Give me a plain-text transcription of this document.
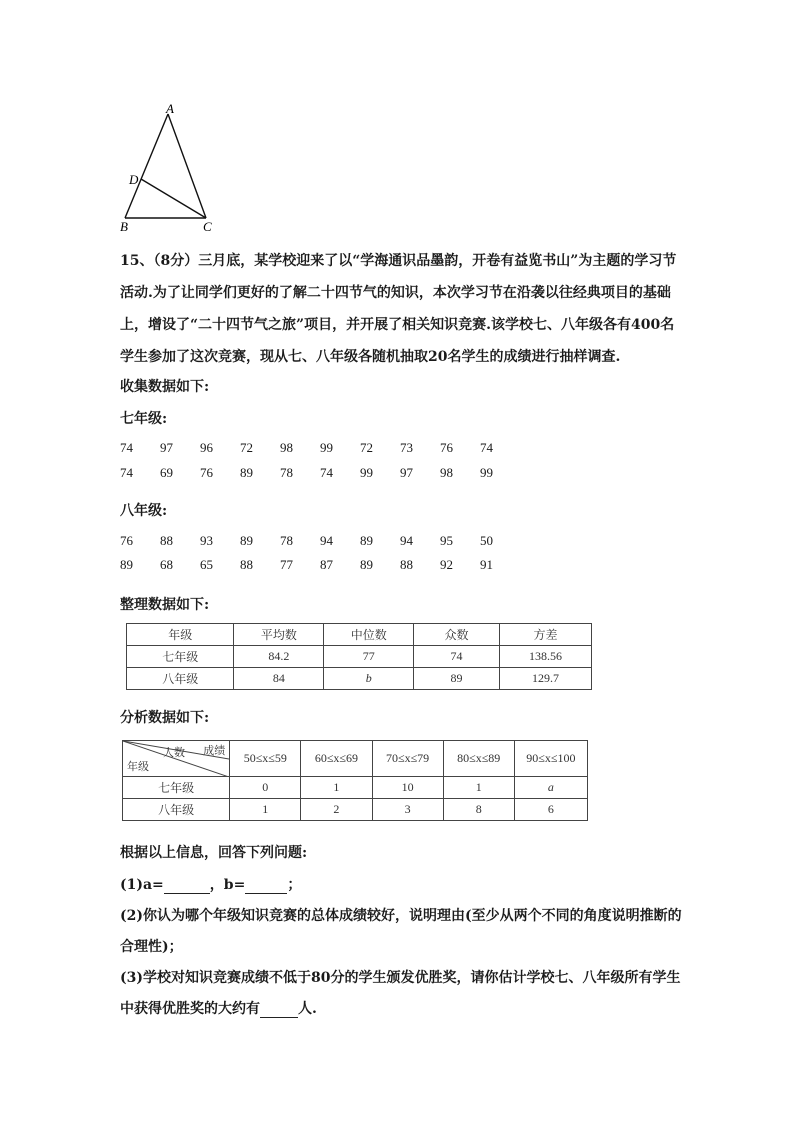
A
D
B	C
15、（8分）三月底，某学校迎来了以“学海通识品墨韵，开卷有益览书山”为主题的学习节
活动.为了让同学们更好的了解二十四节气的知识，本次学习节在沿袭以往经典项目的基础
上，增设了“二十四节气之旅”项目，并开展了相关知识竞赛.该学校七、八年级各有400名
学生参加了这次竞赛，现从七、八年级各随机抽取20名学生的成绩进行抽样调查.
收集数据如下:
七年级:
74	97	96	72	98	99	72	73	76	74
74	69	76	89	78	74	99	97	98	99
八年级:
76	88	93	89	78	94	89	94	95	50
89	68	65	88	77	87	89	88	92	91
整理数据如下:
年级	平均数	中位数	众数	方差
七年级	84.2	77	74	138.56
八年级	84	b	89	129.7
分析数据如下:
成绩
人数
年级	50≤x≤59	60≤x≤69	70≤x≤79	80≤x≤89	90≤x≤100
七年级	0	1	10	1	a
八年级	1	2	3	8	6
根据以上信息，回答下列问题:
(1)a=	，b=	；
(2)你认为哪个年级知识竞赛的总体成绩较好，说明理由(至少从两个不同的角度说明推断的
合理性)；
(3)学校对知识竞赛成绩不低于80分的学生颁发优胜奖，请你估计学校七、八年级所有学生
中获得优胜奖的大约有	人.
